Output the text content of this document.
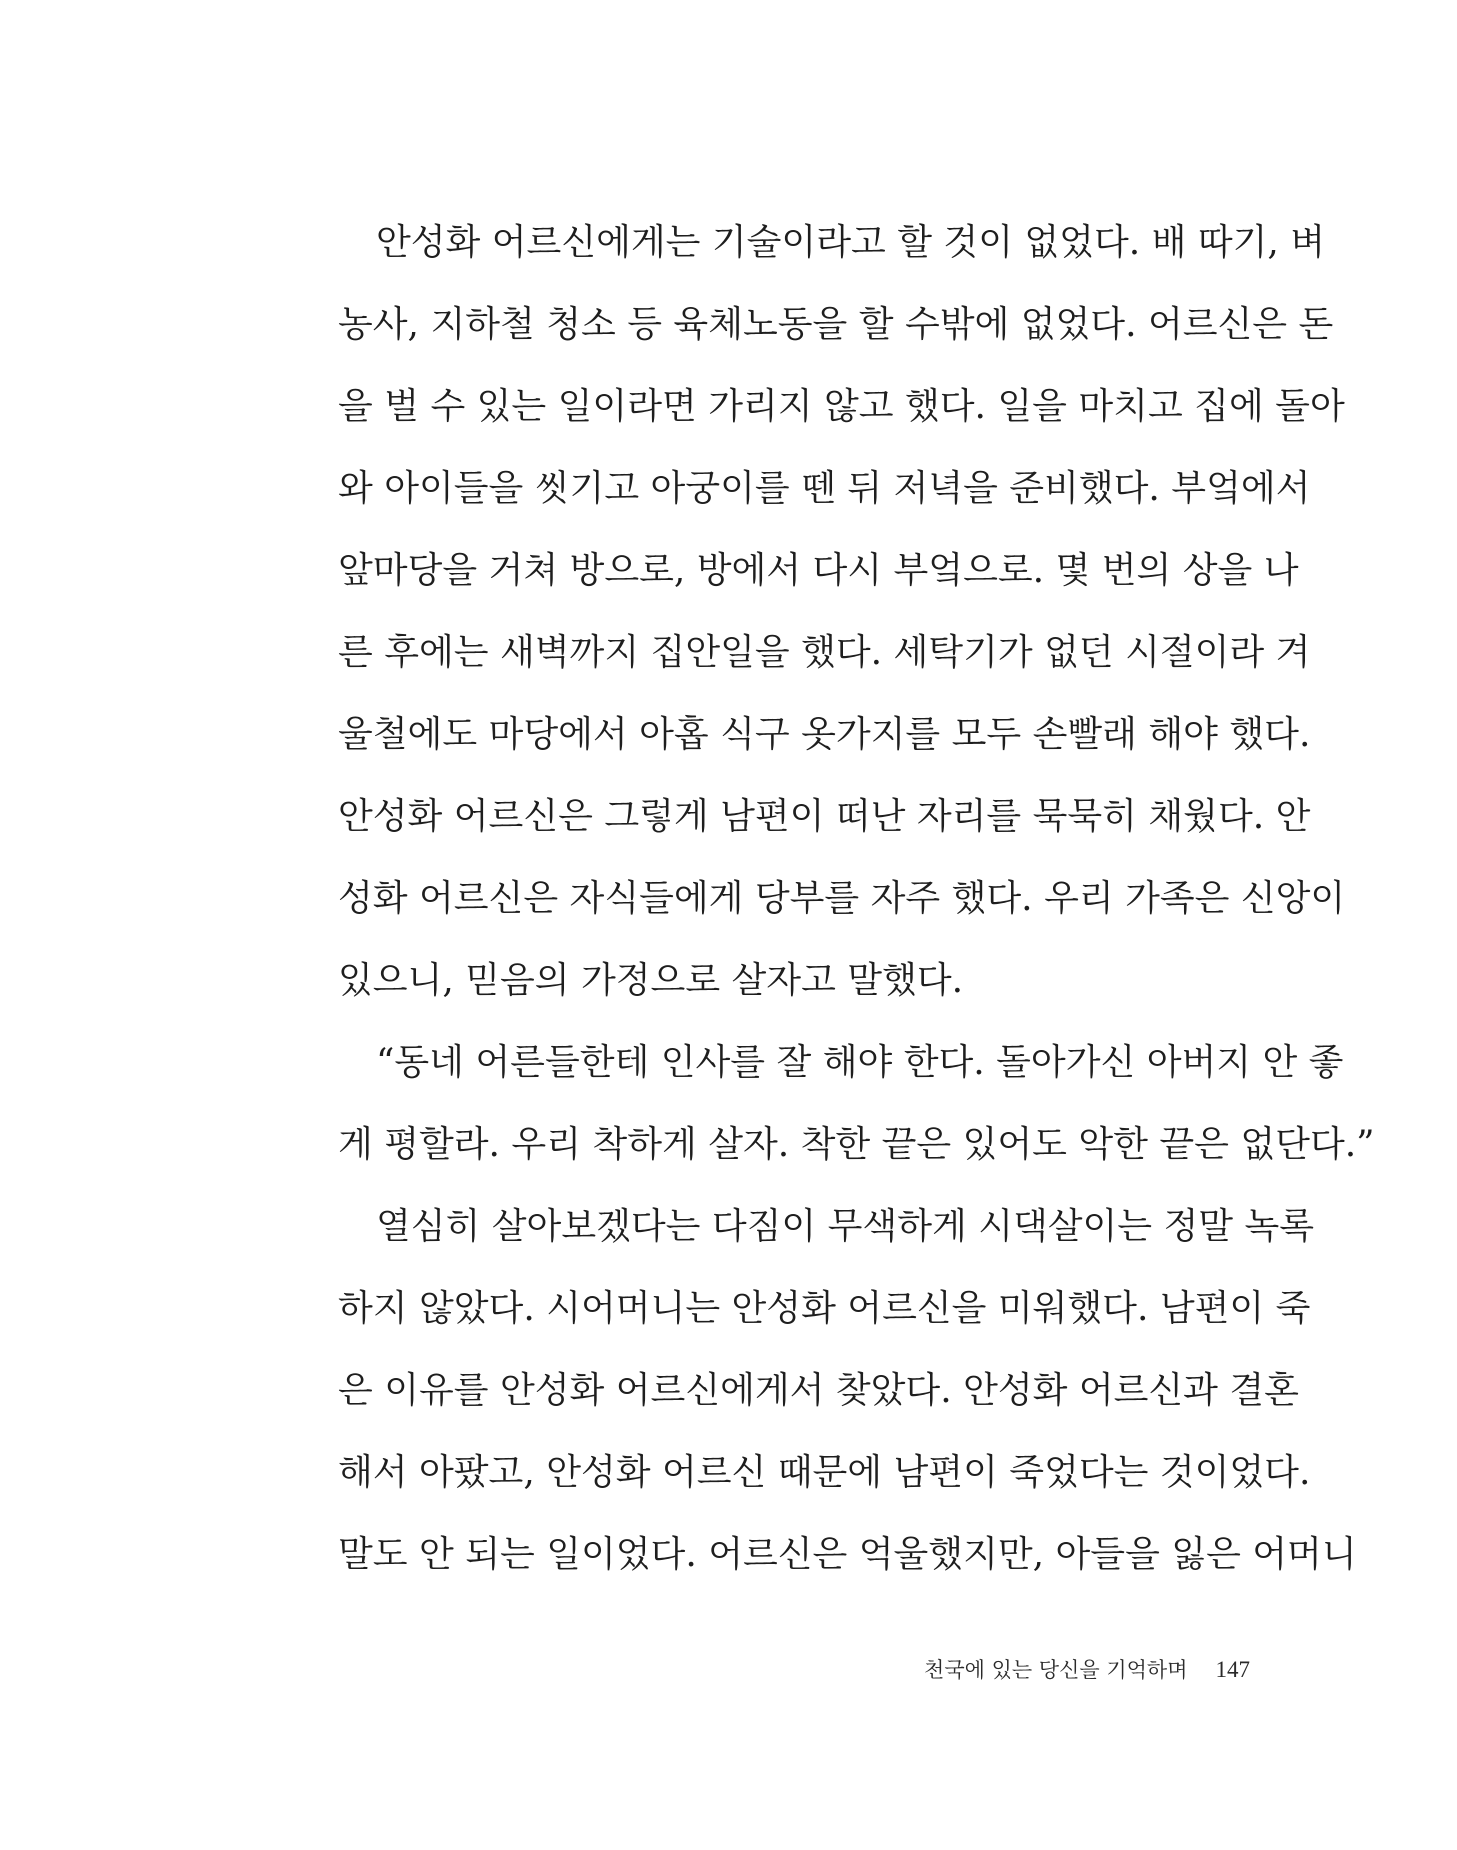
안성화 어르신에게는 기술이라고 할 것이 없었다. 배 따기, 벼
농사, 지하철 청소 등 육체노동을 할 수밖에 없었다. 어르신은 돈
을 벌 수 있는 일이라면 가리지 않고 했다. 일을 마치고 집에 돌아
와 아이들을 씻기고 아궁이를 뗀 뒤 저녁을 준비했다. 부엌에서
앞마당을 거쳐 방으로, 방에서 다시 부엌으로. 몇 번의 상을 나
른 후에는 새벽까지 집안일을 했다. 세탁기가 없던 시절이라 겨
울철에도 마당에서 아홉 식구 옷가지를 모두 손빨래 해야 했다.
안성화 어르신은 그렇게 남편이 떠난 자리를 묵묵히 채웠다. 안
성화 어르신은 자식들에게 당부를 자주 했다. 우리 가족은 신앙이
있으니, 믿음의 가정으로 살자고 말했다.
“동네 어른들한테 인사를 잘 해야 한다. 돌아가신 아버지 안 좋
게 평할라. 우리 착하게 살자. 착한 끝은 있어도 악한 끝은 없단다.”
열심히 살아보겠다는 다짐이 무색하게 시댁살이는 정말 녹록
하지 않았다. 시어머니는 안성화 어르신을 미워했다. 남편이 죽
은 이유를 안성화 어르신에게서 찾았다. 안성화 어르신과 결혼
해서 아팠고, 안성화 어르신 때문에 남편이 죽었다는 것이었다.
말도 안 되는 일이었다. 어르신은 억울했지만, 아들을 잃은 어머니
천국에 있는 당신을 기억하며 147
